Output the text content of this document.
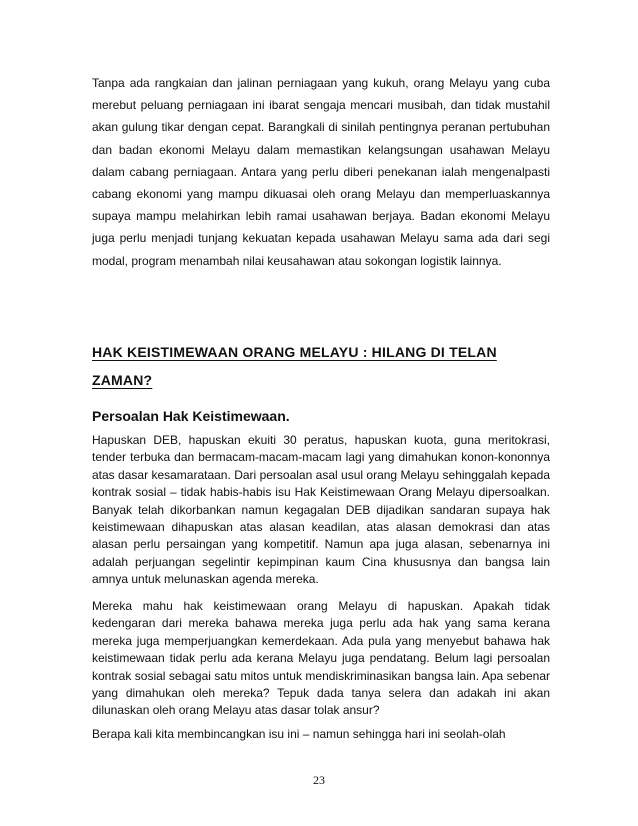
Tanpa ada rangkaian dan jalinan perniagaan yang kukuh, orang Melayu yang cuba merebut peluang perniagaan ini ibarat sengaja mencari musibah, dan tidak mustahil akan gulung tikar dengan cepat. Barangkali di sinilah pentingnya peranan pertubuhan dan badan ekonomi Melayu dalam memastikan kelangsungan usahawan Melayu dalam cabang perniagaan. Antara yang perlu diberi penekanan ialah mengenalpasti cabang ekonomi yang mampu dikuasai oleh orang Melayu dan memperluaskannya supaya mampu melahirkan lebih ramai usahawan berjaya. Badan ekonomi Melayu juga perlu menjadi tunjang kekuatan kepada usahawan Melayu sama ada dari segi modal, program menambah nilai keusahawan atau sokongan logistik lainnya.

HAK KEISTIMEWAAN ORANG MELAYU : HILANG DI TELAN ZAMAN?
Persoalan Hak Keistimewaan.

Hapuskan DEB, hapuskan ekuiti 30 peratus, hapuskan kuota, guna meritokrasi, tender terbuka dan bermacam-macam-macam lagi yang dimahukan konon-kononnya atas dasar kesamarataan. Dari persoalan asal usul orang Melayu sehinggalah kepada kontrak sosial – tidak habis-habis isu Hak Keistimewaan Orang Melayu dipersoalkan. Banyak telah dikorbankan namun kegagalan DEB dijadikan sandaran supaya hak keistimewaan dihapuskan atas alasan keadilan, atas alasan demokrasi dan atas alasan perlu persaingan yang kompetitif. Namun apa juga alasan, sebenarnya ini adalah perjuangan segelintir kepimpinan kaum Cina khususnya dan bangsa lain amnya untuk melunaskan agenda mereka.

Mereka mahu hak keistimewaan orang Melayu di hapuskan. Apakah tidak kedengaran dari mereka bahawa mereka juga perlu ada hak yang sama kerana mereka juga memperjuangkan kemerdekaan. Ada pula yang menyebut bahawa hak keistimewaan tidak perlu ada kerana Melayu juga pendatang. Belum lagi persoalan kontrak sosial sebagai satu mitos untuk mendiskriminasikan bangsa lain. Apa sebenar yang dimahukan oleh mereka? Tepuk dada tanya selera dan adakah ini akan dilunaskan oleh orang Melayu atas dasar tolak ansur?

Berapa kali kita membincangkan isu ini – namun sehingga hari ini seolah-olah

23
